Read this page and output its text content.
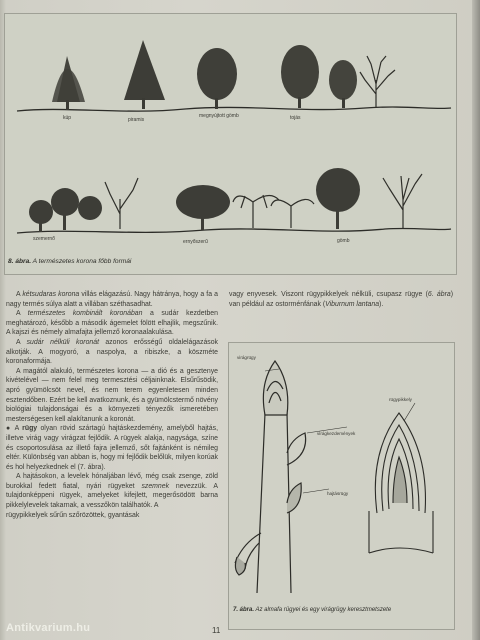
kúp	piramis
megnyújtott gömb	tojás
szemernő	ernyőszerű	gömb
8. ábra. A természetes korona főbb formái

A kétsudaras korona villás elágazású. Nagy hátránya, hogy a fa a nagy termés súlya alatt a villában széthasadhat.

A természetes kombinált koronában a sudár kezdetben meghatározó, később a második ágemelet fölött elhajlik, megszűnik. A kajszi és némely almafajta jellemző koronaalakulása.

A sudár nélküli koronát azonos erősségű oldalelágazások alkotják. A mogyoró, a naspolya, a ribiszke, a köszméte koronaformája.

A magától alakuló, természetes korona — a dió és a gesztenye kivételével — nem felel meg termesztési céljainknak. Elsűrűsödik, apró gyümölcsöt nevel, és nem terem egyenletesen minden esztendőben. Ezért be kell avatkoznunk, és a gyümölcstermő növény biológiai tulajdonságai és a környezeti tényezők ismeretében mesterségesen kell alakítanunk a koronát.

● A rügy olyan rövid szártagú hajtáskezdemény, amelyből hajtás, illetve virág vagy virágzat fejlődik. A rügyek alakja, nagysága, színe és csoportosulása az illető fajra jellemző, sőt fajtánként is némileg eltér. Különbség van abban is, hogy mi fejlődik belőlük, milyen korúak és hol helyezkednek el (7. ábra).

A hajtásokon, a levelek hónaljában lévő, még csak zsenge, zöld burokkal fedett fiatal, nyári rügyeket szemnek nevezzük. A tulajdonképpeni rügyek, amelyeket kifejlett, megerősödött barna pikkelylevelek takarnak, a vesszőkön találhatók. A

rügypikkelyek sűrűn szőrözöttek, gyantásak

vagy enyvesek. Viszont rügypikkelyek nélküli, csupasz rügye (6. ábra) van például az ostorménfának (Viburnum lantana).

virágrügy
rügypikkely
virágkezdemények
hajtásrügy
7. ábra. Az almafa rügyei és egy virágrügy keresztmetszete
11
Antikvarium.hu
